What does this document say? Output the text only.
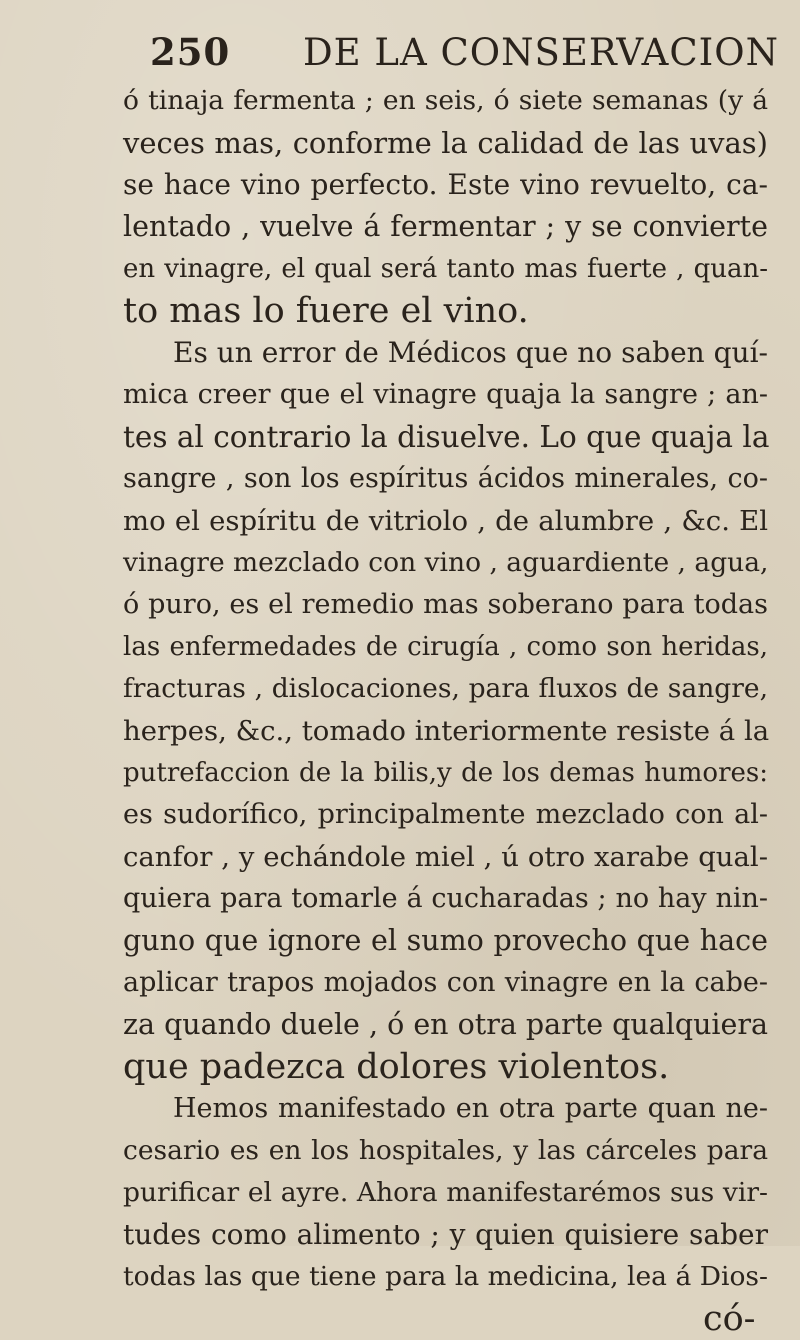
250 DE LA CONSERVACION
ó tinaja fermenta ; en seis, ó siete semanas (y á
veces mas, conforme la calidad de las uvas)
se hace vino perfecto. Este vino revuelto, ca-
lentado , vuelve á fermentar ; y se convierte
en vinagre, el qual será tanto mas fuerte , quan-
to mas lo fuere el vino.
Es un error de Médicos que no saben quí-
mica creer que el vinagre quaja la sangre ; an-
tes al contrario la disuelve. Lo que quaja la
sangre , son los espíritus ácidos minerales, co-
mo el espíritu de vitriolo , de alumbre , &c. El
vinagre mezclado con vino , aguardiente , agua,
ó puro, es el remedio mas soberano para todas
las enfermedades de cirugía , como son heridas,
fracturas , dislocaciones, para fluxos de sangre,
herpes, &c., tomado interiormente resiste á la
putrefaccion de la bilis,y de los demas humores:
es sudorífico, principalmente mezclado con al-
canfor , y echándole miel , ú otro xarabe qual-
quiera para tomarle á cucharadas ; no hay nin-
guno que ignore el sumo provecho que hace
aplicar trapos mojados con vinagre en la cabe-
za quando duele , ó en otra parte qualquiera
que padezca dolores violentos.
Hemos manifestado en otra parte quan ne-
cesario es en los hospitales, y las cárceles para
purificar el ayre. Ahora manifestarémos sus vir-
tudes como alimento ; y quien quisiere saber
todas las que tiene para la medicina, lea á Dios-
có-
